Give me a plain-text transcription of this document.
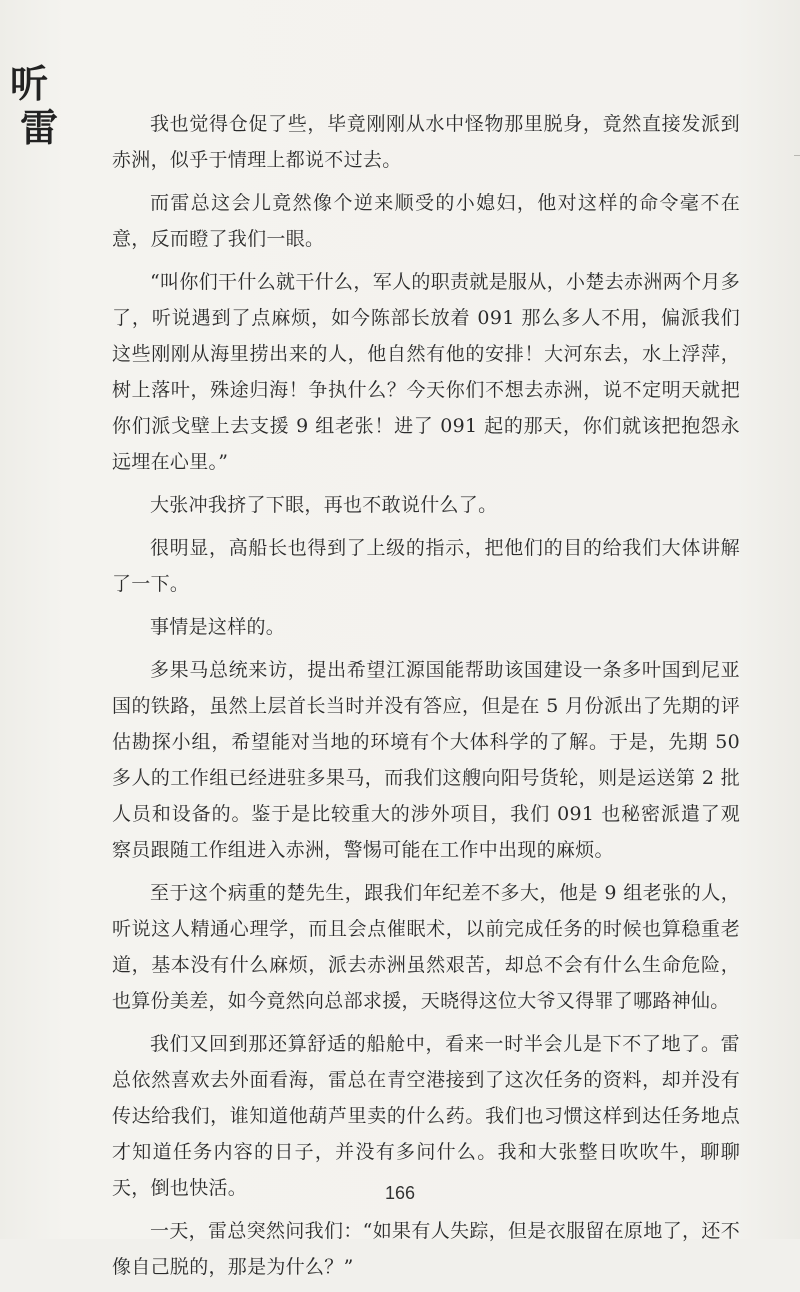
听
雷	我也觉得仓促了些，毕竟刚刚从水中怪物那里脱身，竟然直接发派到赤洲，似乎于情理上都说不过去。

而雷总这会儿竟然像个逆来顺受的小媳妇，他对这样的命令毫不在意，反而瞪了我们一眼。

“叫你们干什么就干什么，军人的职责就是服从，小楚去赤洲两个月多了，听说遇到了点麻烦，如今陈部长放着 091 那么多人不用，偏派我们这些刚刚从海里捞出来的人，他自然有他的安排！大河东去，水上浮萍，树上落叶，殊途归海！争执什么？今天你们不想去赤洲，说不定明天就把你们派戈壁上去支援 9 组老张！进了 091 起的那天，你们就该把抱怨永远埋在心里。”

大张冲我挤了下眼，再也不敢说什么了。

很明显，高船长也得到了上级的指示，把他们的目的给我们大体讲解了一下。

事情是这样的。

多果马总统来访，提出希望江源国能帮助该国建设一条多叶国到尼亚国的铁路，虽然上层首长当时并没有答应，但是在 5 月份派出了先期的评估勘探小组，希望能对当地的环境有个大体科学的了解。于是，先期 50 多人的工作组已经进驻多果马，而我们这艘向阳号货轮，则是运送第 2 批人员和设备的。鉴于是比较重大的涉外项目，我们 091 也秘密派遣了观察员跟随工作组进入赤洲，警惕可能在工作中出现的麻烦。

至于这个病重的楚先生，跟我们年纪差不多大，他是 9 组老张的人，听说这人精通心理学，而且会点催眠术，以前完成任务的时候也算稳重老道，基本没有什么麻烦，派去赤洲虽然艰苦，却总不会有什么生命危险，也算份美差，如今竟然向总部求援，天晓得这位大爷又得罪了哪路神仙。

我们又回到那还算舒适的船舱中，看来一时半会儿是下不了地了。雷总依然喜欢去外面看海，雷总在青空港接到了这次任务的资料，却并没有传达给我们，谁知道他葫芦里卖的什么药。我们也习惯这样到达任务地点才知道任务内容的日子，并没有多问什么。我和大张整日吹吹牛，聊聊天，倒也快活。

一天，雷总突然问我们：“如果有人失踪，但是衣服留在原地了，还不像自己脱的，那是为什么？”

166
